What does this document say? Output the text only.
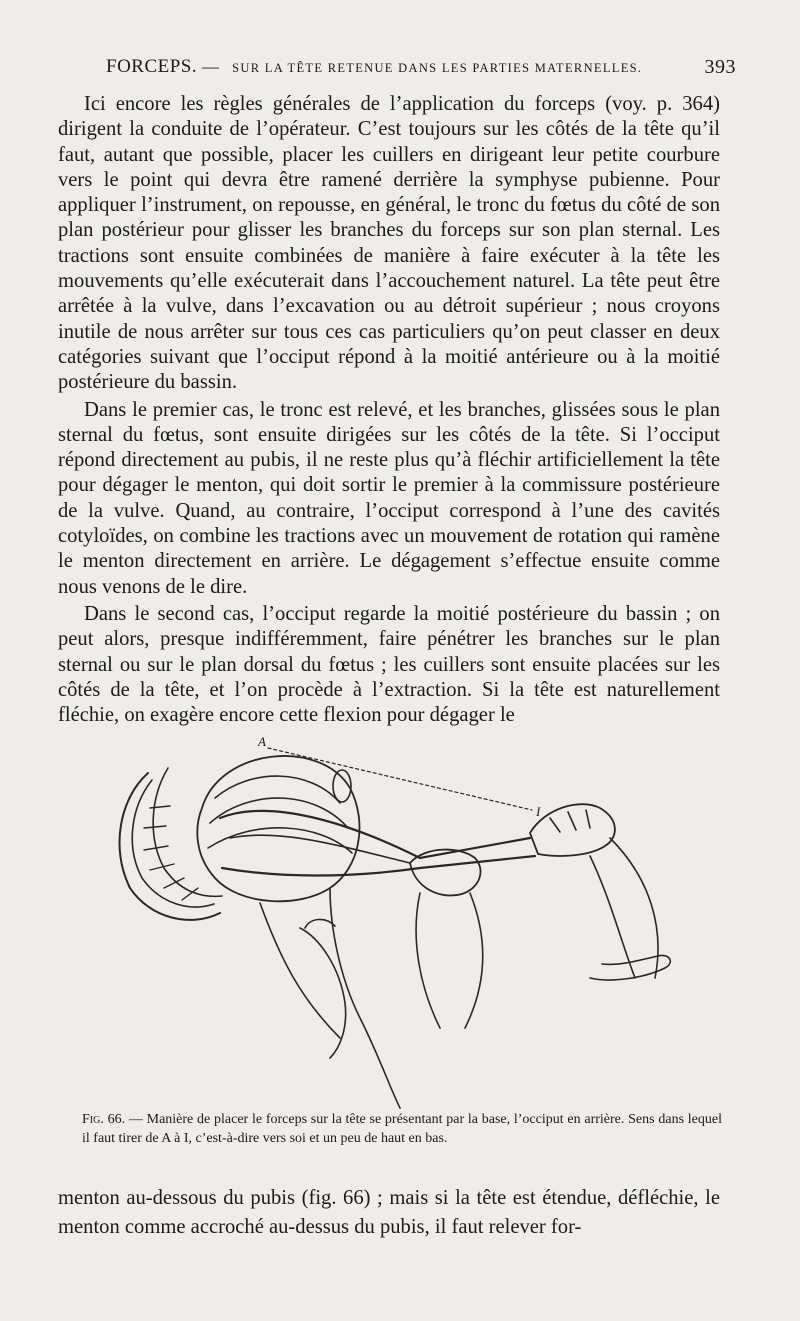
FORCEPS. — SUR LA TÊTE RETENUE DANS LES PARTIES MATERNELLES.	393

Ici encore les règles générales de l’application du forceps (voy. p. 364) dirigent la conduite de l’opérateur. C’est toujours sur les côtés de la tête qu’il faut, autant que possible, placer les cuillers en dirigeant leur petite courbure vers le point qui devra être ramené derrière la symphyse pubienne. Pour appliquer l’instrument, on repousse, en général, le tronc du fœtus du côté de son plan postérieur pour glisser les branches du forceps sur son plan sternal. Les tractions sont ensuite combinées de manière à faire exécuter à la tête les mouvements qu’elle exécuterait dans l’accouchement naturel. La tête peut être arrêtée à la vulve, dans l’excavation ou au détroit supérieur ; nous croyons inutile de nous arrêter sur tous ces cas particuliers qu’on peut classer en deux catégories suivant que l’occiput répond à la moitié antérieure ou à la moitié postérieure du bassin.

Dans le premier cas, le tronc est relevé, et les branches, glissées sous le plan sternal du fœtus, sont ensuite dirigées sur les côtés de la tête. Si l’occiput répond directement au pubis, il ne reste plus qu’à fléchir artificiellement la tête pour dégager le menton, qui doit sortir le premier à la commissure postérieure de la vulve. Quand, au contraire, l’occiput correspond à l’une des cavités cotyloïdes, on combine les tractions avec un mouvement de rotation qui ramène le menton directement en arrière. Le dégagement s’effectue ensuite comme nous venons de le dire.

Dans le second cas, l’occiput regarde la moitié postérieure du bassin ; on peut alors, presque indifféremment, faire pénétrer les branches sur le plan sternal ou sur le plan dorsal du fœtus ; les cuillers sont ensuite placées sur les côtés de la tête, et l’on procède à l’extraction. Si la tête est naturellement fléchie, on exagère encore cette flexion pour dégager le

A
I
Fig. 66. — Manière de placer le forceps sur la tête se présentant par la base, l’occiput en arrière. Sens dans lequel il faut tirer de A à I, c’est-à-dire vers soi et un peu de haut en bas.

menton au-dessous du pubis (fig. 66) ; mais si la tête est étendue, défléchie, le menton comme accroché au-dessus du pubis, il faut relever for-
